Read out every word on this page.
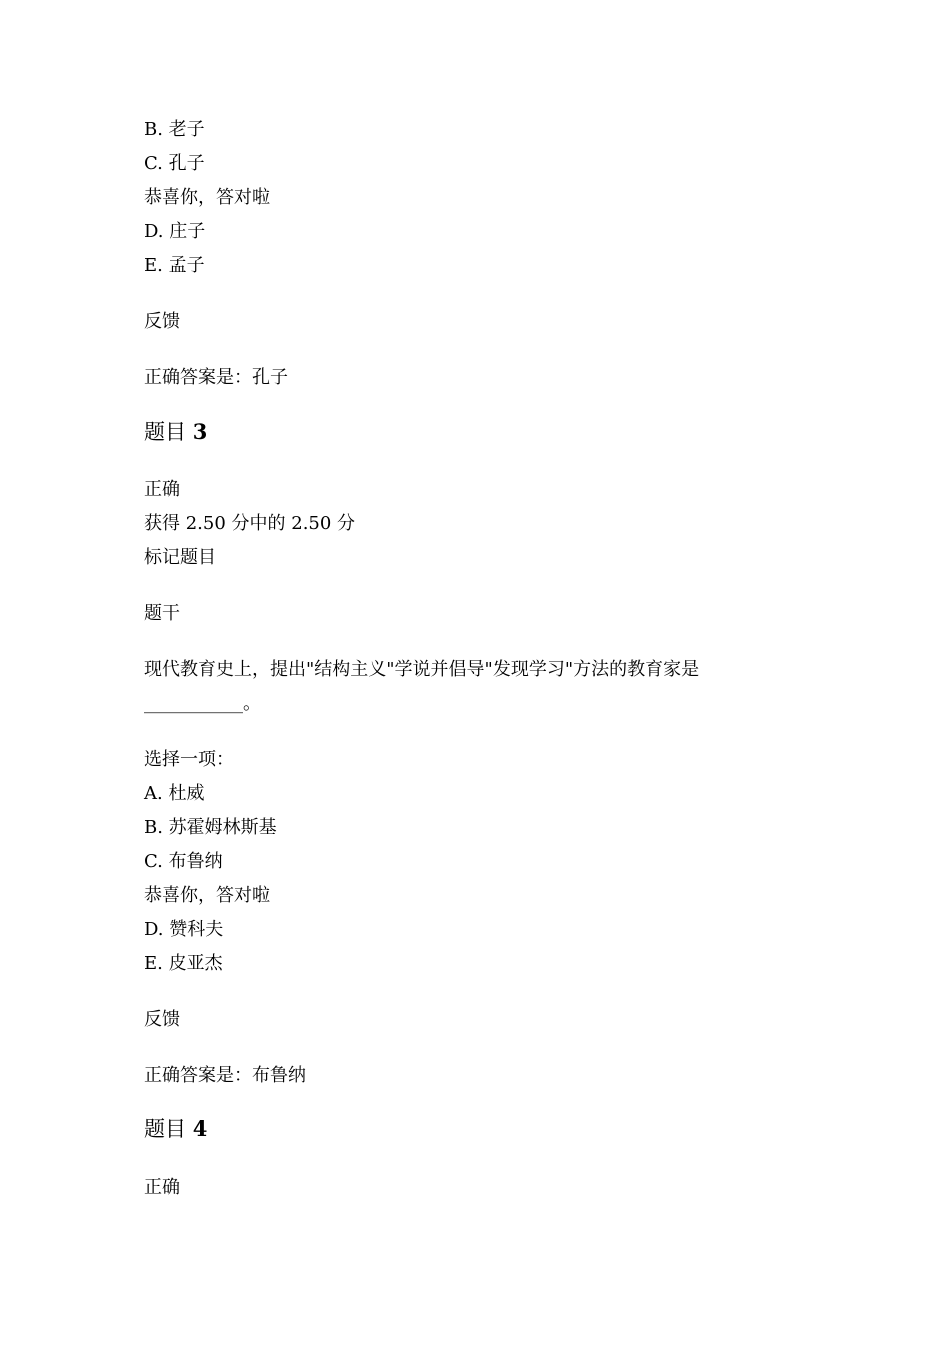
B. 老子
C. 孔子
恭喜你，答对啦
D. 庄子
E. 孟子
反馈
正确答案是：孔子
题目 3
正确
获得 2.50 分中的 2.50 分
标记题目
题干
现代教育史上，提出"结构主义"学说并倡导"发现学习"方法的教育家是
___________。
选择一项：
A. 杜威
B. 苏霍姆林斯基
C. 布鲁纳
恭喜你，答对啦
D. 赞科夫
E. 皮亚杰
反馈
正确答案是：布鲁纳
题目 4
正确
